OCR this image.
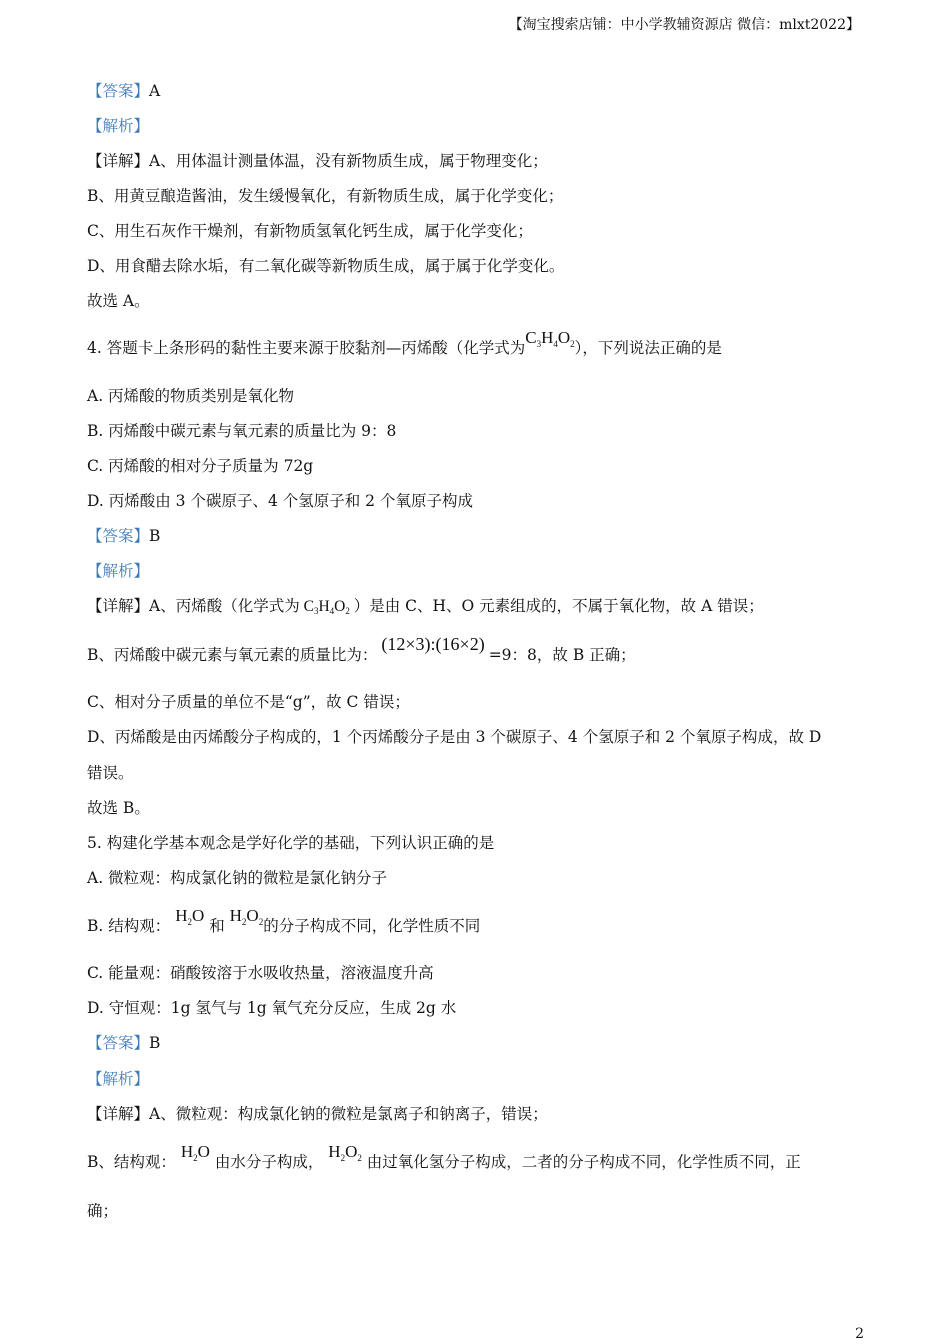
【淘宝搜索店铺：中小学教辅资源店 微信：mlxt2022】
【答案】A
【解析】
【详解】A、用体温计测量体温，没有新物质生成，属于物理变化；
B、用黄豆酿造酱油，发生缓慢氧化，有新物质生成，属于化学变化；
C、用生石灰作干燥剂，有新物质氢氧化钙生成，属于化学变化；
D、用食醋去除水垢，有二氧化碳等新物质生成，属于属于化学变化。
故选 A。
4. 答题卡上条形码的黏性主要来源于胶黏剂—丙烯酸（化学式为$C_3H_4O_2$），下列说法正确的是
A. 丙烯酸的物质类别是氧化物
B. 丙烯酸中碳元素与氧元素的质量比为 9：8
C. 丙烯酸的相对分子质量为 72g
D. 丙烯酸由 3 个碳原子、4 个氢原子和 2 个氧原子构成
【答案】B
【解析】
【详解】A、丙烯酸（化学式为 $C_3H_4O_2$ ）是由 C、H、O 元素组成的，不属于氧化物，故 A 错误；
B、丙烯酸中碳元素与氧元素的质量比为：(12×3):(16×2)=9：8，故 B 正确；
C、相对分子质量的单位不是“g”，故 C 错误；
D、丙烯酸是由丙烯酸分子构成的，1 个丙烯酸分子是由 3 个碳原子、4 个氢原子和 2 个氧原子构成，故 D
错误。
故选 B。
5. 构建化学基本观念是学好化学的基础，下列认识正确的是
A. 微粒观：构成氯化钠的微粒是氯化钠分子
B. 结构观： $H_2O$ 和 $H_2O_2$的分子构成不同，化学性质不同
C. 能量观：硝酸铵溶于水吸收热量，溶液温度升高
D. 守恒观：1g 氢气与 1g 氧气充分反应，生成 2g 水
【答案】B
【解析】
【详解】A、微粒观：构成氯化钠的微粒是氯离子和钠离子，错误；
B、结构观： $H_2O$ 由水分子构成， $H_2O_2$ 由过氧化氢分子构成，二者的分子构成不同，化学性质不同，正
确；
2
